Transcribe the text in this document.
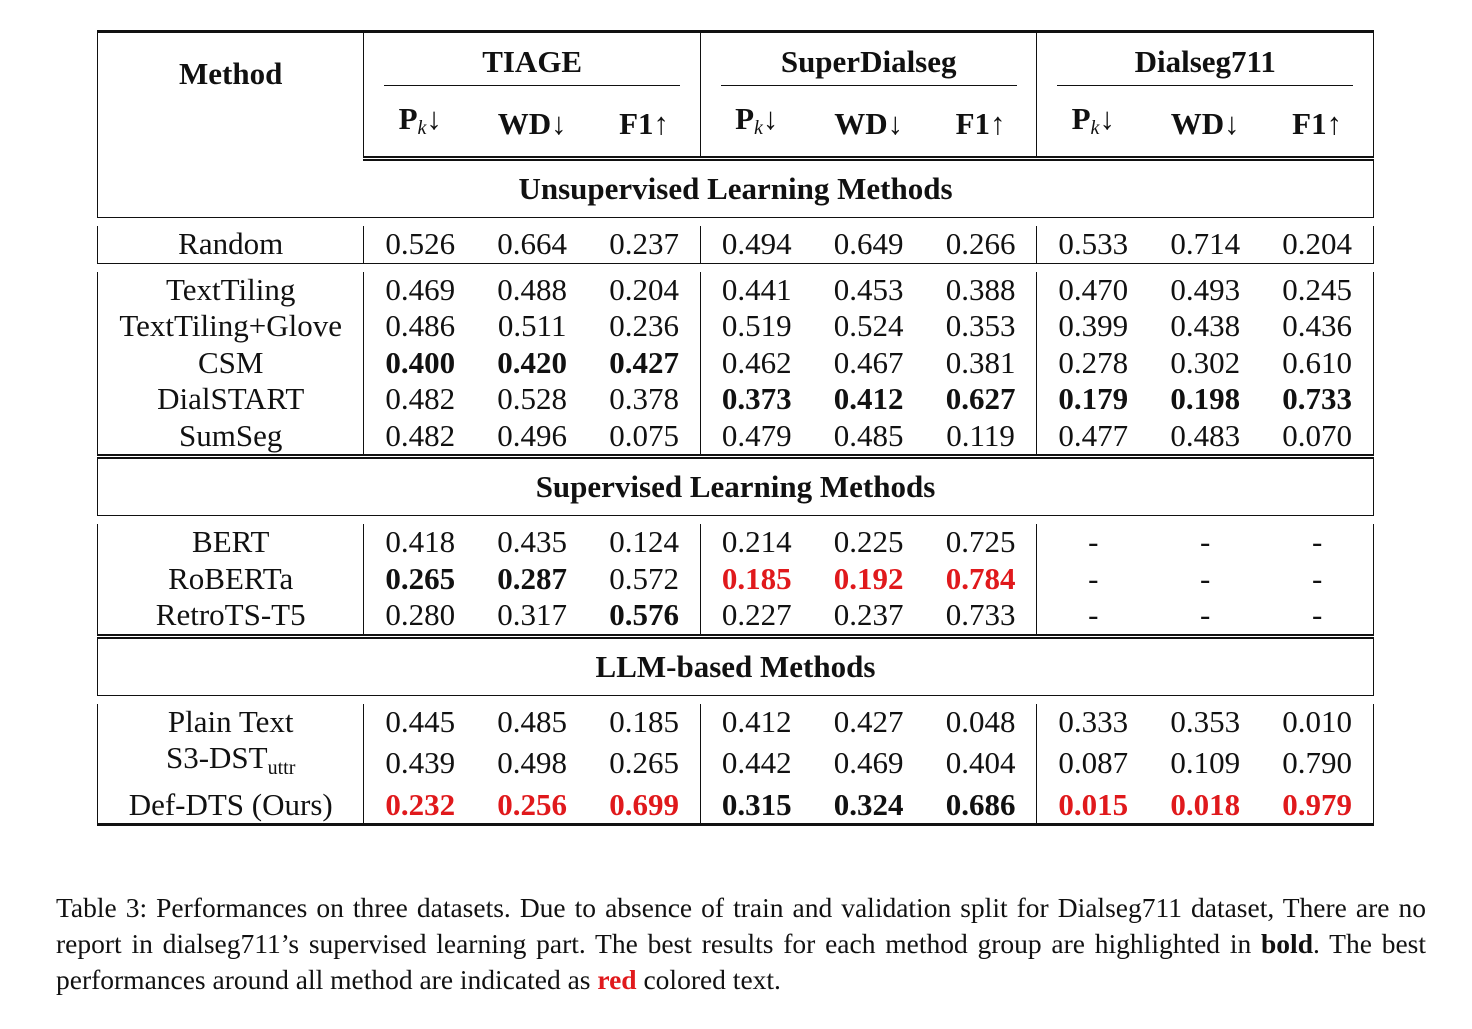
Method	TIAGE			SuperDialseg			Dialseg711		
	$P_k↓$	WD↓	F1↑	$P_k↓$	WD↓	F1↑	$P_k↓$	WD↓	F1↑
Unsupervised Learning Methods									

Random	0.526	0.664	0.237	0.494	0.649	0.266	0.533	0.714	0.204

TextTiling	0.469	0.488	0.204	0.441	0.453	0.388	0.470	0.493	0.245
TextTiling+Glove	0.486	0.511	0.236	0.519	0.524	0.353	0.399	0.438	0.436
CSM	0.400	0.420	0.427	0.462	0.467	0.381	0.278	0.302	0.610
DialSTART	0.482	0.528	0.378	0.373	0.412	0.627	0.179	0.198	0.733
SumSeg	0.482	0.496	0.075	0.479	0.485	0.119	0.477	0.483	0.070
Supervised Learning Methods									

BERT	0.418	0.435	0.124	0.214	0.225	0.725	-	-	-
RoBERTa	0.265	0.287	0.572	0.185	0.192	0.784	-	-	-
RetroTS-T5	0.280	0.317	0.576	0.227	0.237	0.733	-	-	-
LLM-based Methods									

Plain Text	0.445	0.485	0.185	0.412	0.427	0.048	0.333	0.353	0.010
S3-DSTuttr	0.439	0.498	0.265	0.442	0.469	0.404	0.087	0.109	0.790
Def-DTS (Ours)	0.232	0.256	0.699	0.315	0.324	0.686	0.015	0.018	0.979
Table 3: Performances on three datasets. Due to absence of train and validation split for Dialseg711 dataset, There are no report in dialseg711’s supervised learning part. The best results for each method group are highlighted in bold. The best performances around all method are indicated as red colored text.
